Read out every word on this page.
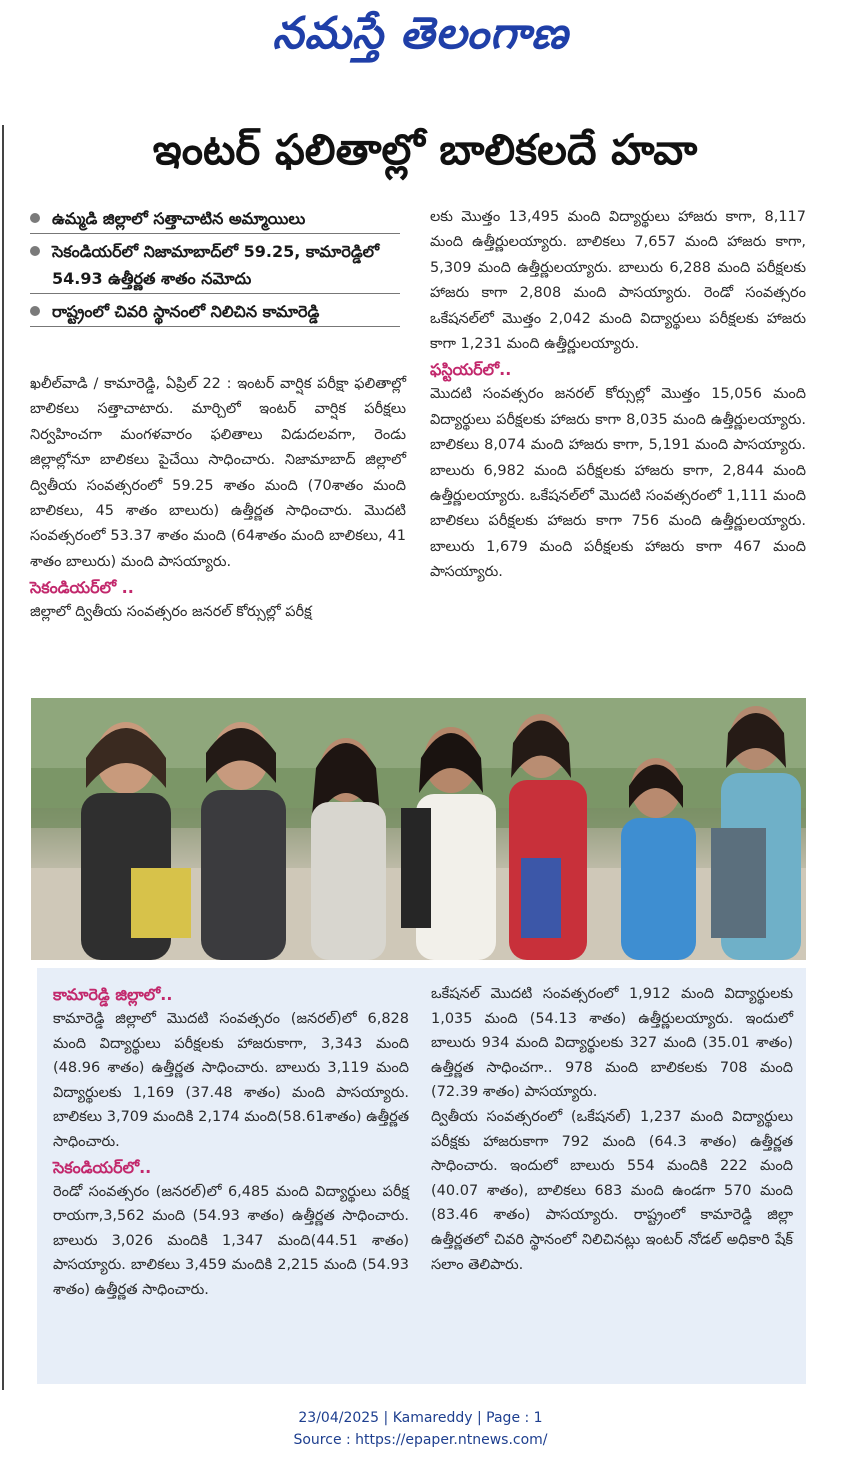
నమస్తే తెలంగాణ
ఇంటర్ ఫలితాల్లో బాలికలదే హవా
ఉమ్మడి జిల్లాలో సత్తాచాటిన అమ్మాయిలు
సెకండియర్‌లో నిజామాబాద్‌లో 59.25, కామారెడ్డిలో 54.93 ఉత్తీర్ణత శాతం నమోదు
రాష్ట్రంలో చివరి స్థానంలో నిలిచిన కామారెడ్డి

ఖలీల్‌వాడి / కామారెడ్డి, ఏప్రిల్ 22 : ఇంటర్ వార్షిక పరీక్షా ఫలితాల్లో బాలికలు సత్తాచాటారు. మార్చిలో ఇంటర్ వార్షిక పరీక్షలు నిర్వహించగా మంగళవారం ఫలితాలు విడుదలవగా, రెండు జిల్లాల్లోనూ బాలికలు పైచేయి సాధించారు. నిజామాబాద్ జిల్లాలో ద్వితీయ సంవత్సరంలో 59.25 శాతం మంది (70శాతం మంది బాలికలు, 45 శాతం బాలురు) ఉత్తీర్ణత సాధించారు. మొదటి సంవత్సరంలో 53.37 శాతం మంది (64శాతం మంది బాలికలు, 41 శాతం బాలురు) మంది పాసయ్యారు.

సెకండియర్‌లో ..

జిల్లాలో ద్వితీయ సంవత్సరం జనరల్ కోర్సుల్లో పరీక్ష

లకు మొత్తం 13,495 మంది విద్యార్థులు హాజరు కాగా, 8,117 మంది ఉత్తీర్ణులయ్యారు. బాలికలు 7,657 మంది హాజరు కాగా, 5,309 మంది ఉత్తీర్ణులయ్యారు. బాలురు 6,288 మంది పరీక్షలకు హాజరు కాగా 2,808 మంది పాసయ్యారు. రెండో సంవత్సరం ఒకేషనల్‌లో మొత్తం 2,042 మంది విద్యార్థులు పరీక్షలకు హాజరు కాగా 1,231 మంది ఉత్తీర్ణులయ్యారు.

ఫస్టియర్‌లో..

మొదటి సంవత్సరం జనరల్ కోర్సుల్లో మొత్తం 15,056 మంది విద్యార్థులు పరీక్షలకు హాజరు కాగా 8,035 మంది ఉత్తీర్ణులయ్యారు. బాలికలు 8,074 మంది హాజరు కాగా, 5,191 మంది పాసయ్యారు. బాలురు 6,982 మంది పరీక్షలకు హాజరు కాగా, 2,844 మంది ఉత్తీర్ణులయ్యారు. ఒకేషనల్‌లో మొదటి సంవత్సరంలో 1,111 మంది బాలికలు పరీక్షలకు హాజరు కాగా 756 మంది ఉత్తీర్ణులయ్యారు. బాలురు 1,679 మంది పరీక్షలకు హాజరు కాగా 467 మంది పాసయ్యారు.

కామారెడ్డి జిల్లాలో..

కామారెడ్డి జిల్లాలో మొదటి సంవత్సరం (జనరల్)లో 6,828 మంది విద్యార్థులు పరీక్షలకు హాజరుకాగా, 3,343 మంది (48.96 శాతం) ఉత్తీర్ణత సాధించారు. బాలురు 3,119 మంది విద్యార్థులకు 1,169 (37.48 శాతం) మంది పాసయ్యారు. బాలికలు 3,709 మందికి 2,174 మంది(58.61శాతం) ఉత్తీర్ణత సాధించారు.

సెకండియర్‌లో..

రెండో సంవత్సరం (జనరల్)లో 6,485 మంది విద్యార్థులు పరీక్ష రాయగా,3,562 మంది (54.93 శాతం) ఉత్తీర్ణత సాధించారు. బాలురు 3,026 మందికి 1,347 మంది(44.51 శాతం) పాసయ్యారు. బాలికలు 3,459 మందికి 2,215 మంది (54.93 శాతం) ఉత్తీర్ణత సాధించారు.

ఒకేషనల్ మొదటి సంవత్సరంలో 1,912 మంది విద్యార్థులకు 1,035 మంది (54.13 శాతం) ఉత్తీర్ణులయ్యారు. ఇందులో బాలురు 934 మంది విద్యార్థులకు 327 మంది (35.01 శాతం) ఉత్తీర్ణత సాధించగా.. 978 మంది బాలికలకు 708 మంది (72.39 శాతం) పాసయ్యారు.

ద్వితీయ సంవత్సరంలో (ఒకేషనల్) 1,237 మంది విద్యార్థులు పరీక్షకు హాజరుకాగా 792 మంది (64.3 శాతం) ఉత్తీర్ణత సాధించారు. ఇందులో బాలురు 554 మందికి 222 మంది (40.07 శాతం), బాలికలు 683 మంది ఉండగా 570 మంది (83.46 శాతం) పాసయ్యారు. రాష్ట్రంలో కామారెడ్డి జిల్లా ఉత్తీర్ణతలో చివరి స్థానంలో నిలిచినట్లు ఇంటర్ నోడల్ అధికారి షేక్ సలాం తెలిపారు.

23/04/2025 | Kamareddy | Page : 1
Source : https://epaper.ntnews.com/
